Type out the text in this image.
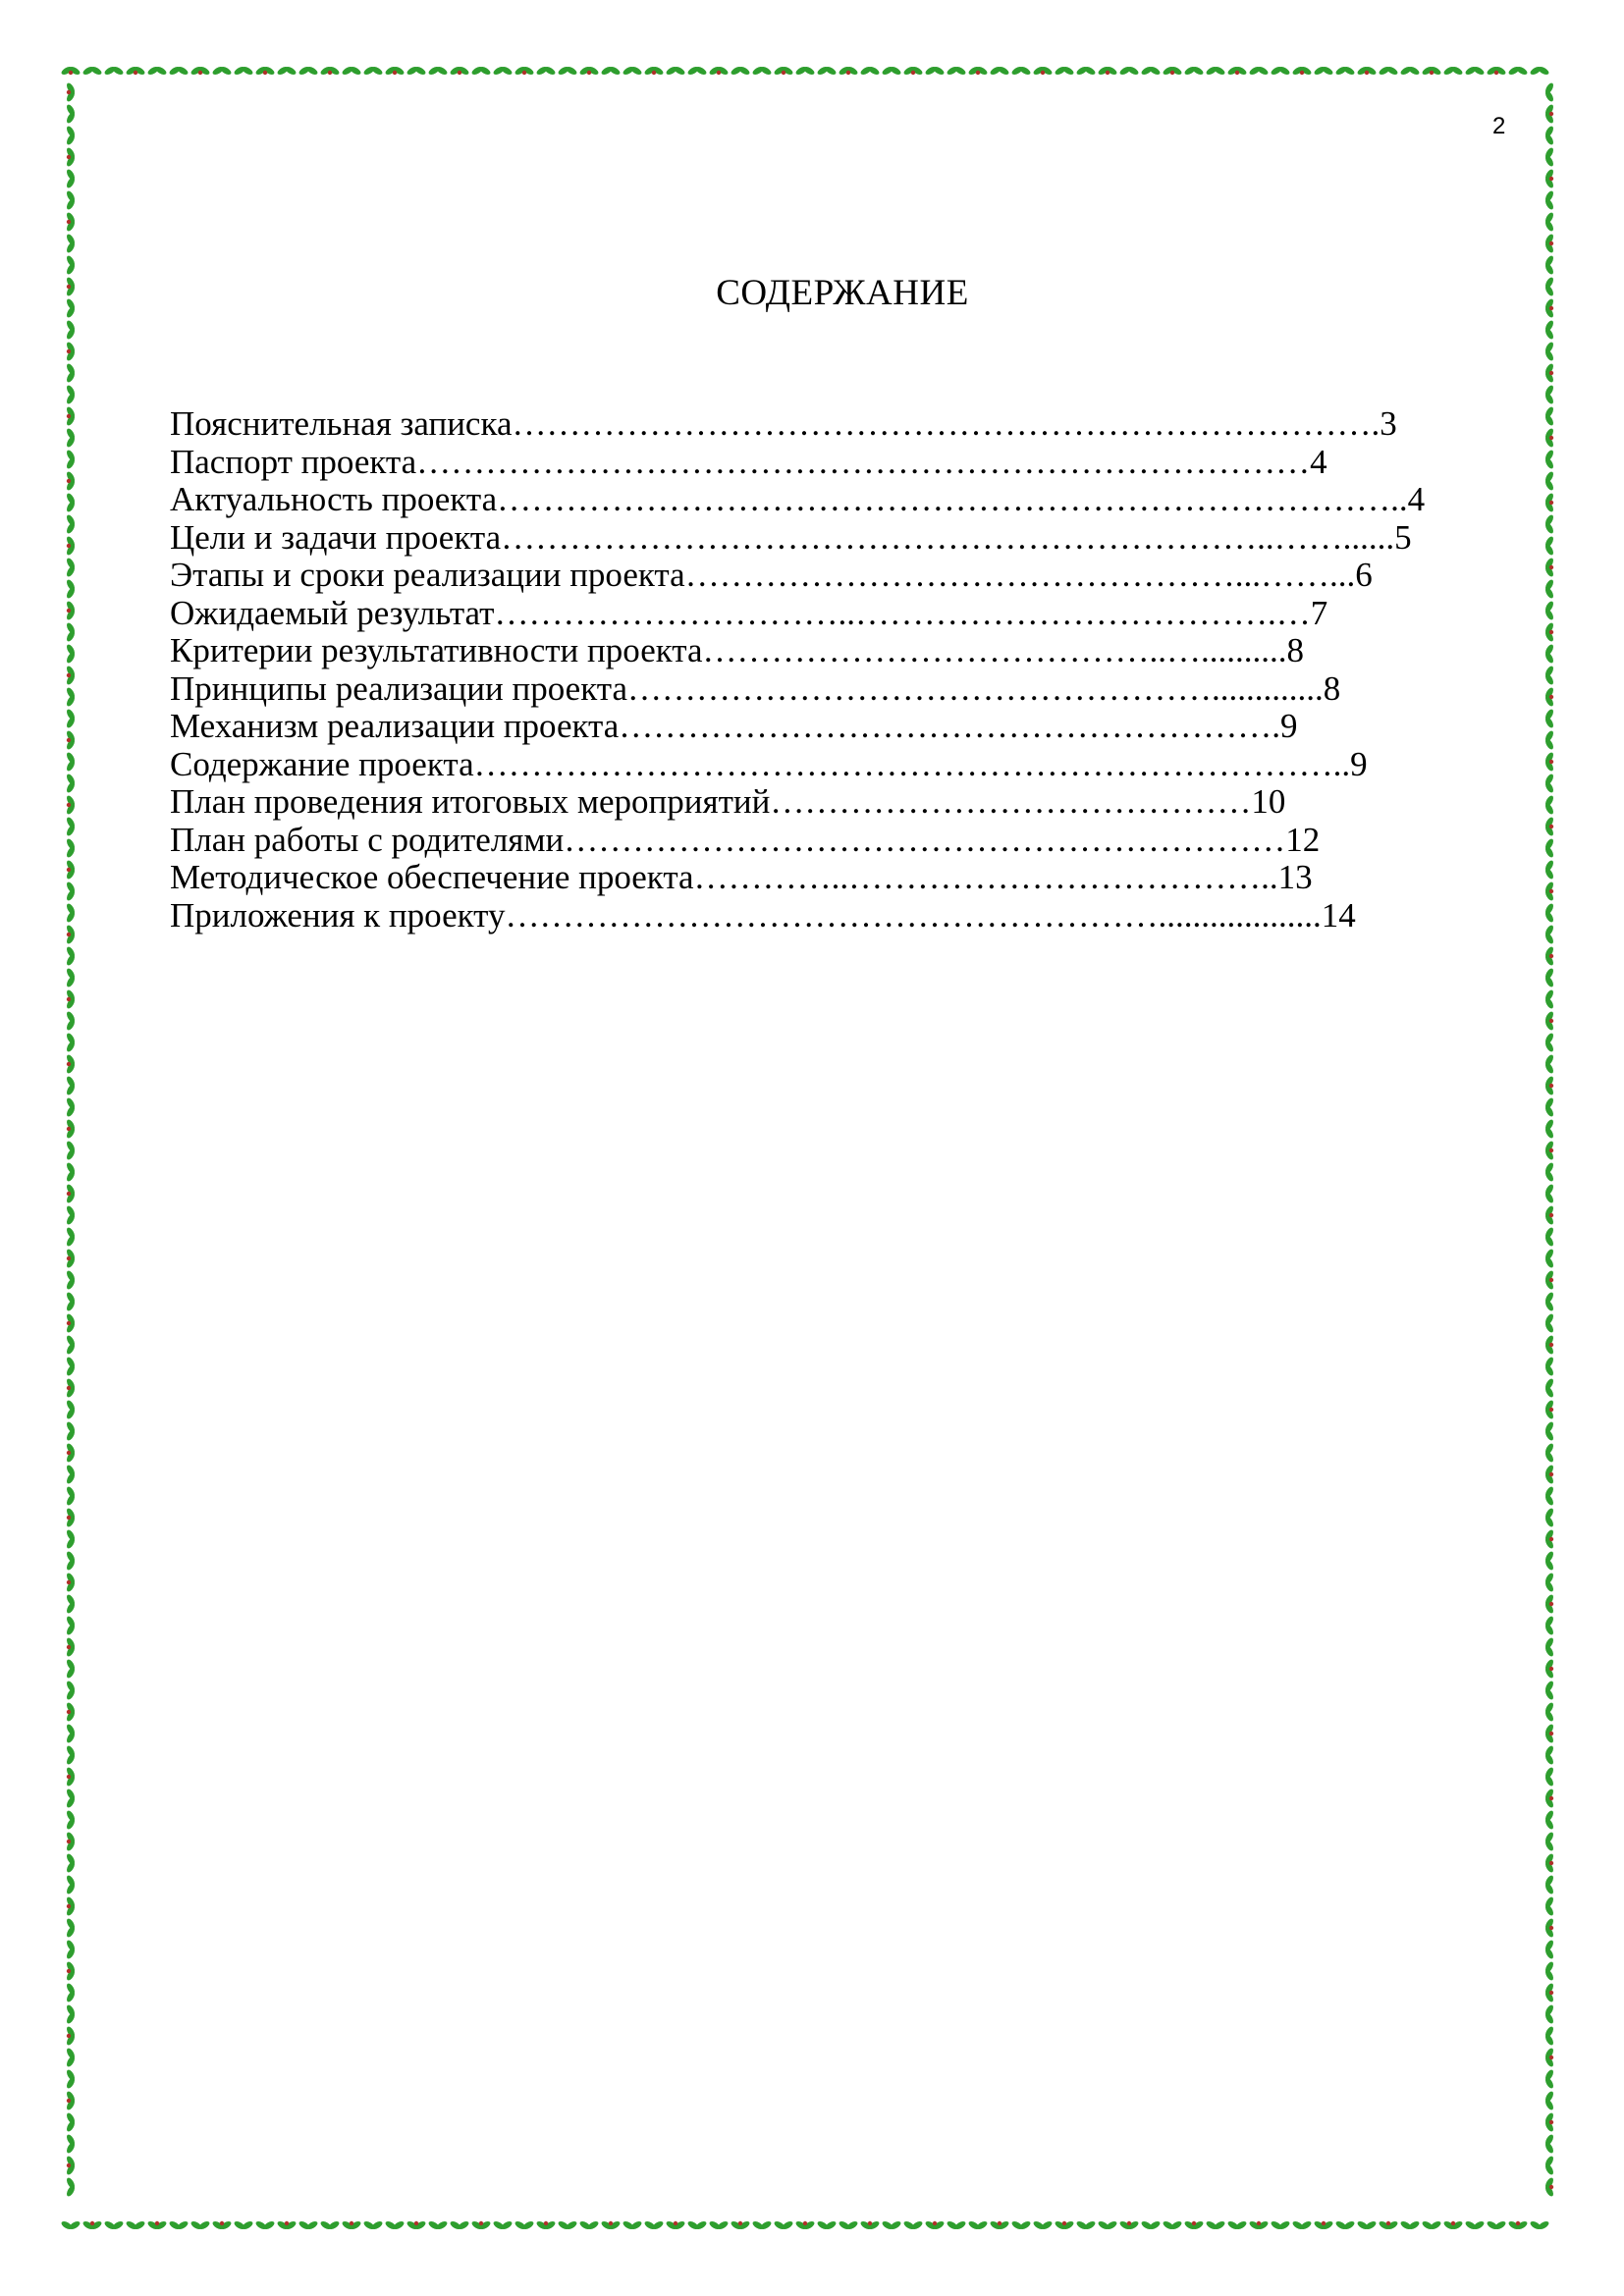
2
СОДЕРЖАНИЕ
Пояснительная записка………………………………………………………………….3
Паспорт проекта……………………………………………………………………4
Актуальность проекта……………………………………………………………………..4
Цели и задачи проекта…………………………………………………………..……......5
Этапы и сроки реализации проекта…………………………………………...……...6
Ожидаемый результат…………………………..……………………………….…7
Критерии результативности проекта…………………………………..…..........8
Принципы реализации проекта…………………………………………….............8
Механизм реализации проекта………………………………………………….9
Содержание проекта…………………………………………………………………..9
План проведения итоговых мероприятий……………………………………10
План работы с родителями………………………………………………………12
Методическое обеспечение проекта…………..………………………………..13
Приложения к проекту…………………………………………………...................14
